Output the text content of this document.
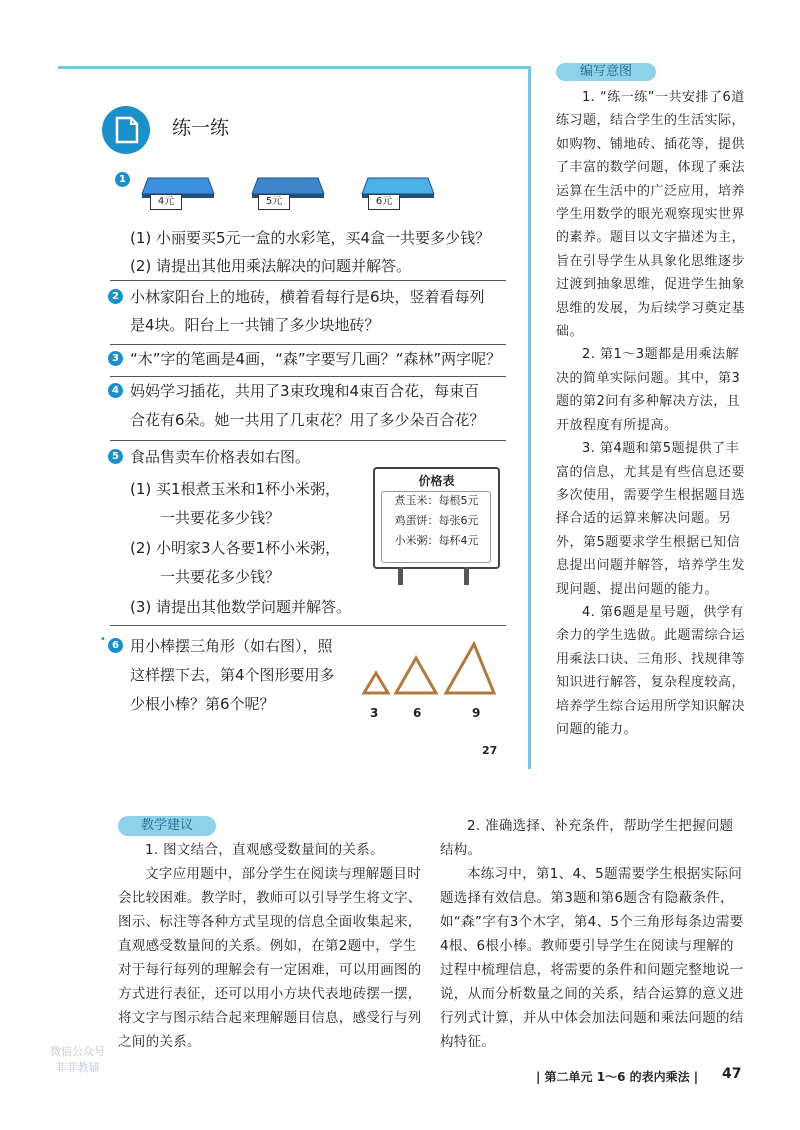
练一练
1
4元	5元	6元
(1) 小丽要买5元一盒的水彩笔，买4盒一共要多少钱？
(2) 请提出其他用乘法解决的问题并解答。
2 小林家阳台上的地砖，横着看每行是6块，竖着看每列
是4块。阳台上一共铺了多少块地砖？
3 “木”字的笔画是4画，“森”字要写几画？“森林”两字呢？
4 妈妈学习插花，共用了3束玫瑰和4束百合花，每束百
合花有6朵。她一共用了几束花？用了多少朵百合花？
5 食品售卖车价格表如右图。
(1) 买1根煮玉米和1杯小米粥，
一共要花多少钱？
(2) 小明家3人各要1杯小米粥，
一共要花多少钱？
(3) 请提出其他数学问题并解答。
价格表
煮玉米：每根5元
鸡蛋饼：每张6元
小米粥：每杯4元
6
• 用小棒摆三角形（如右图），照
这样摆下去，第4个图形要用多
少根小棒？第6个呢？	3	6	9
27
编写意图

1. “练一练”一共安排了6道练习题，结合学生的生活实际，如购物、铺地砖、插花等，提供了丰富的数学问题，体现了乘法运算在生活中的广泛应用，培养学生用数学的眼光观察现实世界的素养。题目以文字描述为主，旨在引导学生从具象化思维逐步过渡到抽象思维，促进学生抽象思维的发展，为后续学习奠定基础。

2. 第1～3题都是用乘法解决的简单实际问题。其中，第3题的第2问有多种解决方法，且开放程度有所提高。

3. 第4题和第5题提供了丰富的信息，尤其是有些信息还要多次使用，需要学生根据题目选择合适的运算来解决问题。另外，第5题要求学生根据已知信息提出问题并解答，培养学生发现问题、提出问题的能力。

4. 第6题是星号题，供学有余力的学生选做。此题需综合运用乘法口诀、三角形、找规律等知识进行解答，复杂程度较高，培养学生综合运用所学知识解决问题的能力。

教学建议

1. 图文结合，直观感受数量间的关系。

文字应用题中，部分学生在阅读与理解题目时会比较困难。教学时，教师可以引导学生将文字、图示、标注等各种方式呈现的信息全面收集起来，直观感受数量间的关系。例如，在第2题中，学生对于每行每列的理解会有一定困难，可以用画图的方式进行表征，还可以用小方块代表地砖摆一摆，将文字与图示结合起来理解题目信息，感受行与列之间的关系。

2. 准确选择、补充条件，帮助学生把握问题结构。

本练习中，第1、4、5题需要学生根据实际问题选择有效信息。第3题和第6题含有隐蔽条件，如“森”字有3个木字，第4、5个三角形每条边需要4根、6根小棒。教师要引导学生在阅读与理解的过程中梳理信息，将需要的条件和问题完整地说一说，从而分析数量之间的关系，结合运算的意义进行列式计算，并从中体会加法问题和乘法问题的结构特征。

| 第二单元 1～6 的表内乘法 | 47
微信公众号
菲菲教辅
